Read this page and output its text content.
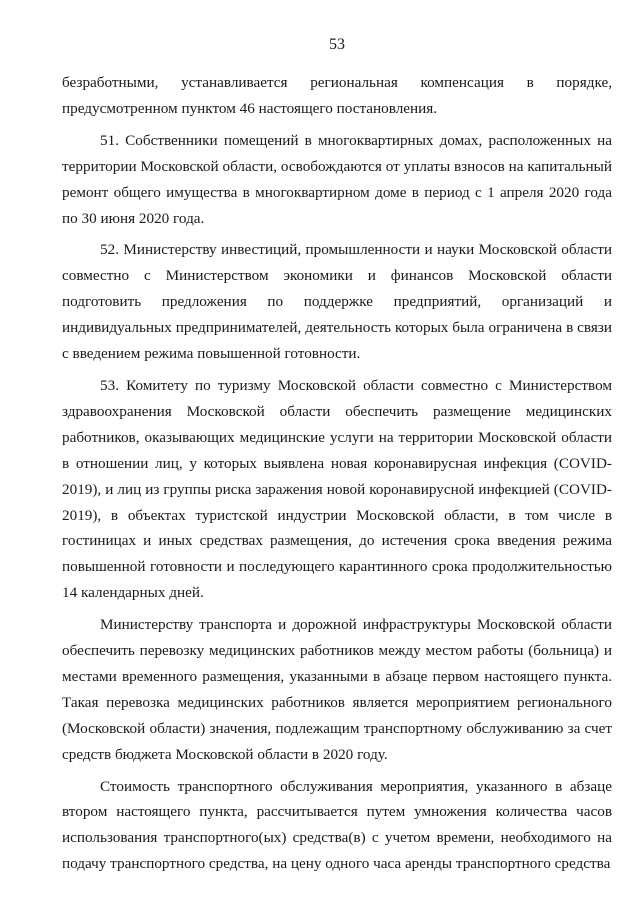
53

безработными, устанавливается региональная компенсация в порядке, предусмотренном пунктом 46 настоящего постановления.

51. Собственники помещений в многоквартирных домах, расположенных на территории Московской области, освобождаются от уплаты взносов на капитальный ремонт общего имущества в многоквартирном доме в период с 1 апреля 2020 года по 30 июня 2020 года.

52. Министерству инвестиций, промышленности и науки Московской области совместно с Министерством экономики и финансов Московской области подготовить предложения по поддержке предприятий, организаций и индивидуальных предпринимателей, деятельность которых была ограничена в связи с введением режима повышенной готовности.

53. Комитету по туризму Московской области совместно с Министерством здравоохранения Московской области обеспечить размещение медицинских работников, оказывающих медицинские услуги на территории Московской области в отношении лиц, у которых выявлена новая коронавирусная инфекция (COVID-2019), и лиц из группы риска заражения новой коронавирусной инфекцией (COVID-2019), в объектах туристской индустрии Московской области, в том числе в гостиницах и иных средствах размещения, до истечения срока введения режима повышенной готовности и последующего карантинного срока продолжительностью 14 календарных дней.

Министерству транспорта и дорожной инфраструктуры Московской области обеспечить перевозку медицинских работников между местом работы (больница) и местами временного размещения, указанными в абзаце первом настоящего пункта. Такая перевозка медицинских работников является мероприятием регионального (Московской области) значения, подлежащим транспортному обслуживанию за счет средств бюджета Московской области в 2020 году.

Стоимость транспортного обслуживания мероприятия, указанного в абзаце втором настоящего пункта, рассчитывается путем умножения количества часов использования транспортного(ых) средства(в) с учетом времени, необходимого на подачу транспортного средства, на цену одного часа аренды транспортного средства
